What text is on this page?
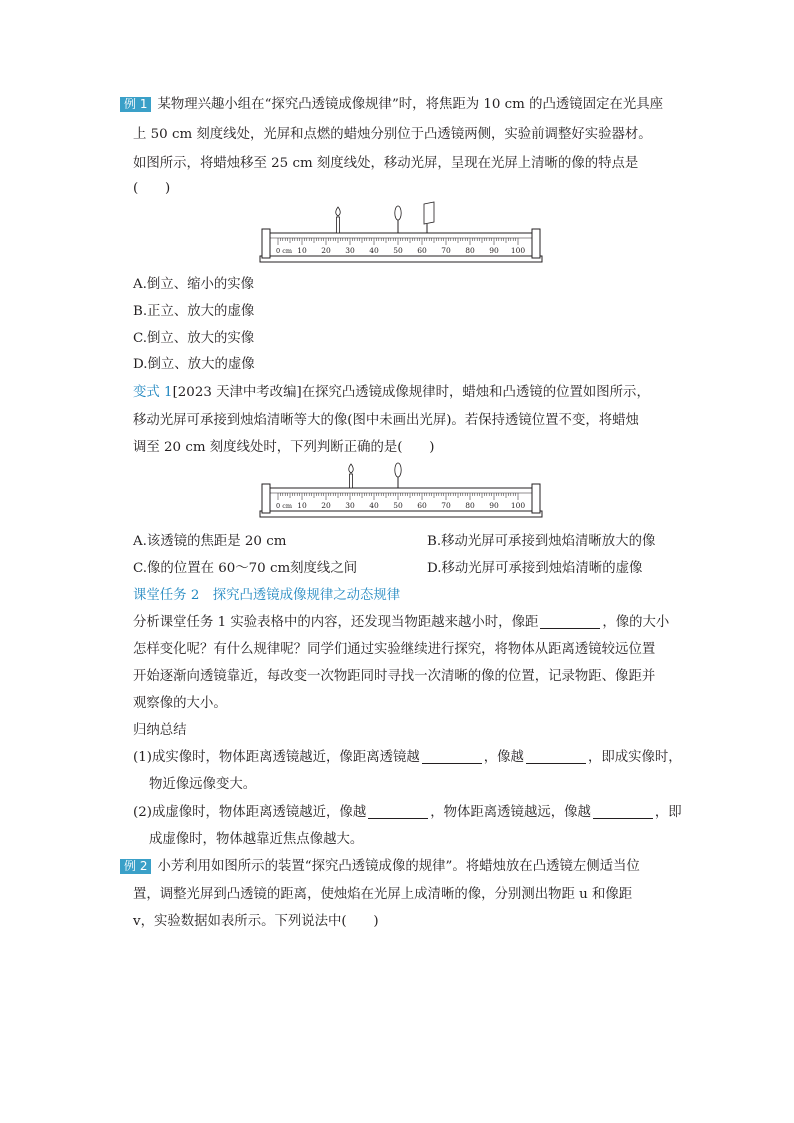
例 1 某物理兴趣小组在“探究凸透镜成像规律”时，将焦距为 10 cm 的凸透镜固定在光具座
上 50 cm 刻度线处，光屏和点燃的蜡烛分别位于凸透镜两侧，实验前调整好实验器材。
如图所示，将蜡烛移至 25 cm 刻度线处，移动光屏，呈现在光屏上清晰的像的特点是
(　　)
0 cm 10 20 30 40 50 60 70 80 90 100
A.倒立、缩小的实像
B.正立、放大的虚像
C.倒立、放大的实像
D.倒立、放大的虚像
变式 1[2023 天津中考改编]在探究凸透镜成像规律时，蜡烛和凸透镜的位置如图所示，
移动光屏可承接到烛焰清晰等大的像(图中未画出光屏)。若保持透镜位置不变，将蜡烛
调至 20 cm 刻度线处时，下列判断正确的是(　　)
0 cm 10 20 30 40 50 60 70 80 90 100
A.该透镜的焦距是 20 cm	B.移动光屏可承接到烛焰清晰放大的像
C.像的位置在 60～70 cm刻度线之间	D.移动光屏可承接到烛焰清晰的虚像
课堂任务 2　探究凸透镜成像规律之动态规律
分析课堂任务 1 实验表格中的内容，还发现当物距越来越小时，像距	，像的大小
怎样变化呢？有什么规律呢？同学们通过实验继续进行探究，将物体从距离透镜较远位置
开始逐渐向透镜靠近，每改变一次物距同时寻找一次清晰的像的位置，记录物距、像距并
观察像的大小。
归纳总结
(1)成实像时，物体距离透镜越近，像距离透镜越	，像越	，即成实像时，
物近像远像变大。
(2)成虚像时，物体距离透镜越近，像越	，物体距离透镜越远，像越	，即
成虚像时，物体越靠近焦点像越大。
例 2 小芳利用如图所示的装置“探究凸透镜成像的规律”。将蜡烛放在凸透镜左侧适当位
置，调整光屏到凸透镜的距离，使烛焰在光屏上成清晰的像，分别测出物距 u 和像距
v，实验数据如表所示。下列说法中(　　)
